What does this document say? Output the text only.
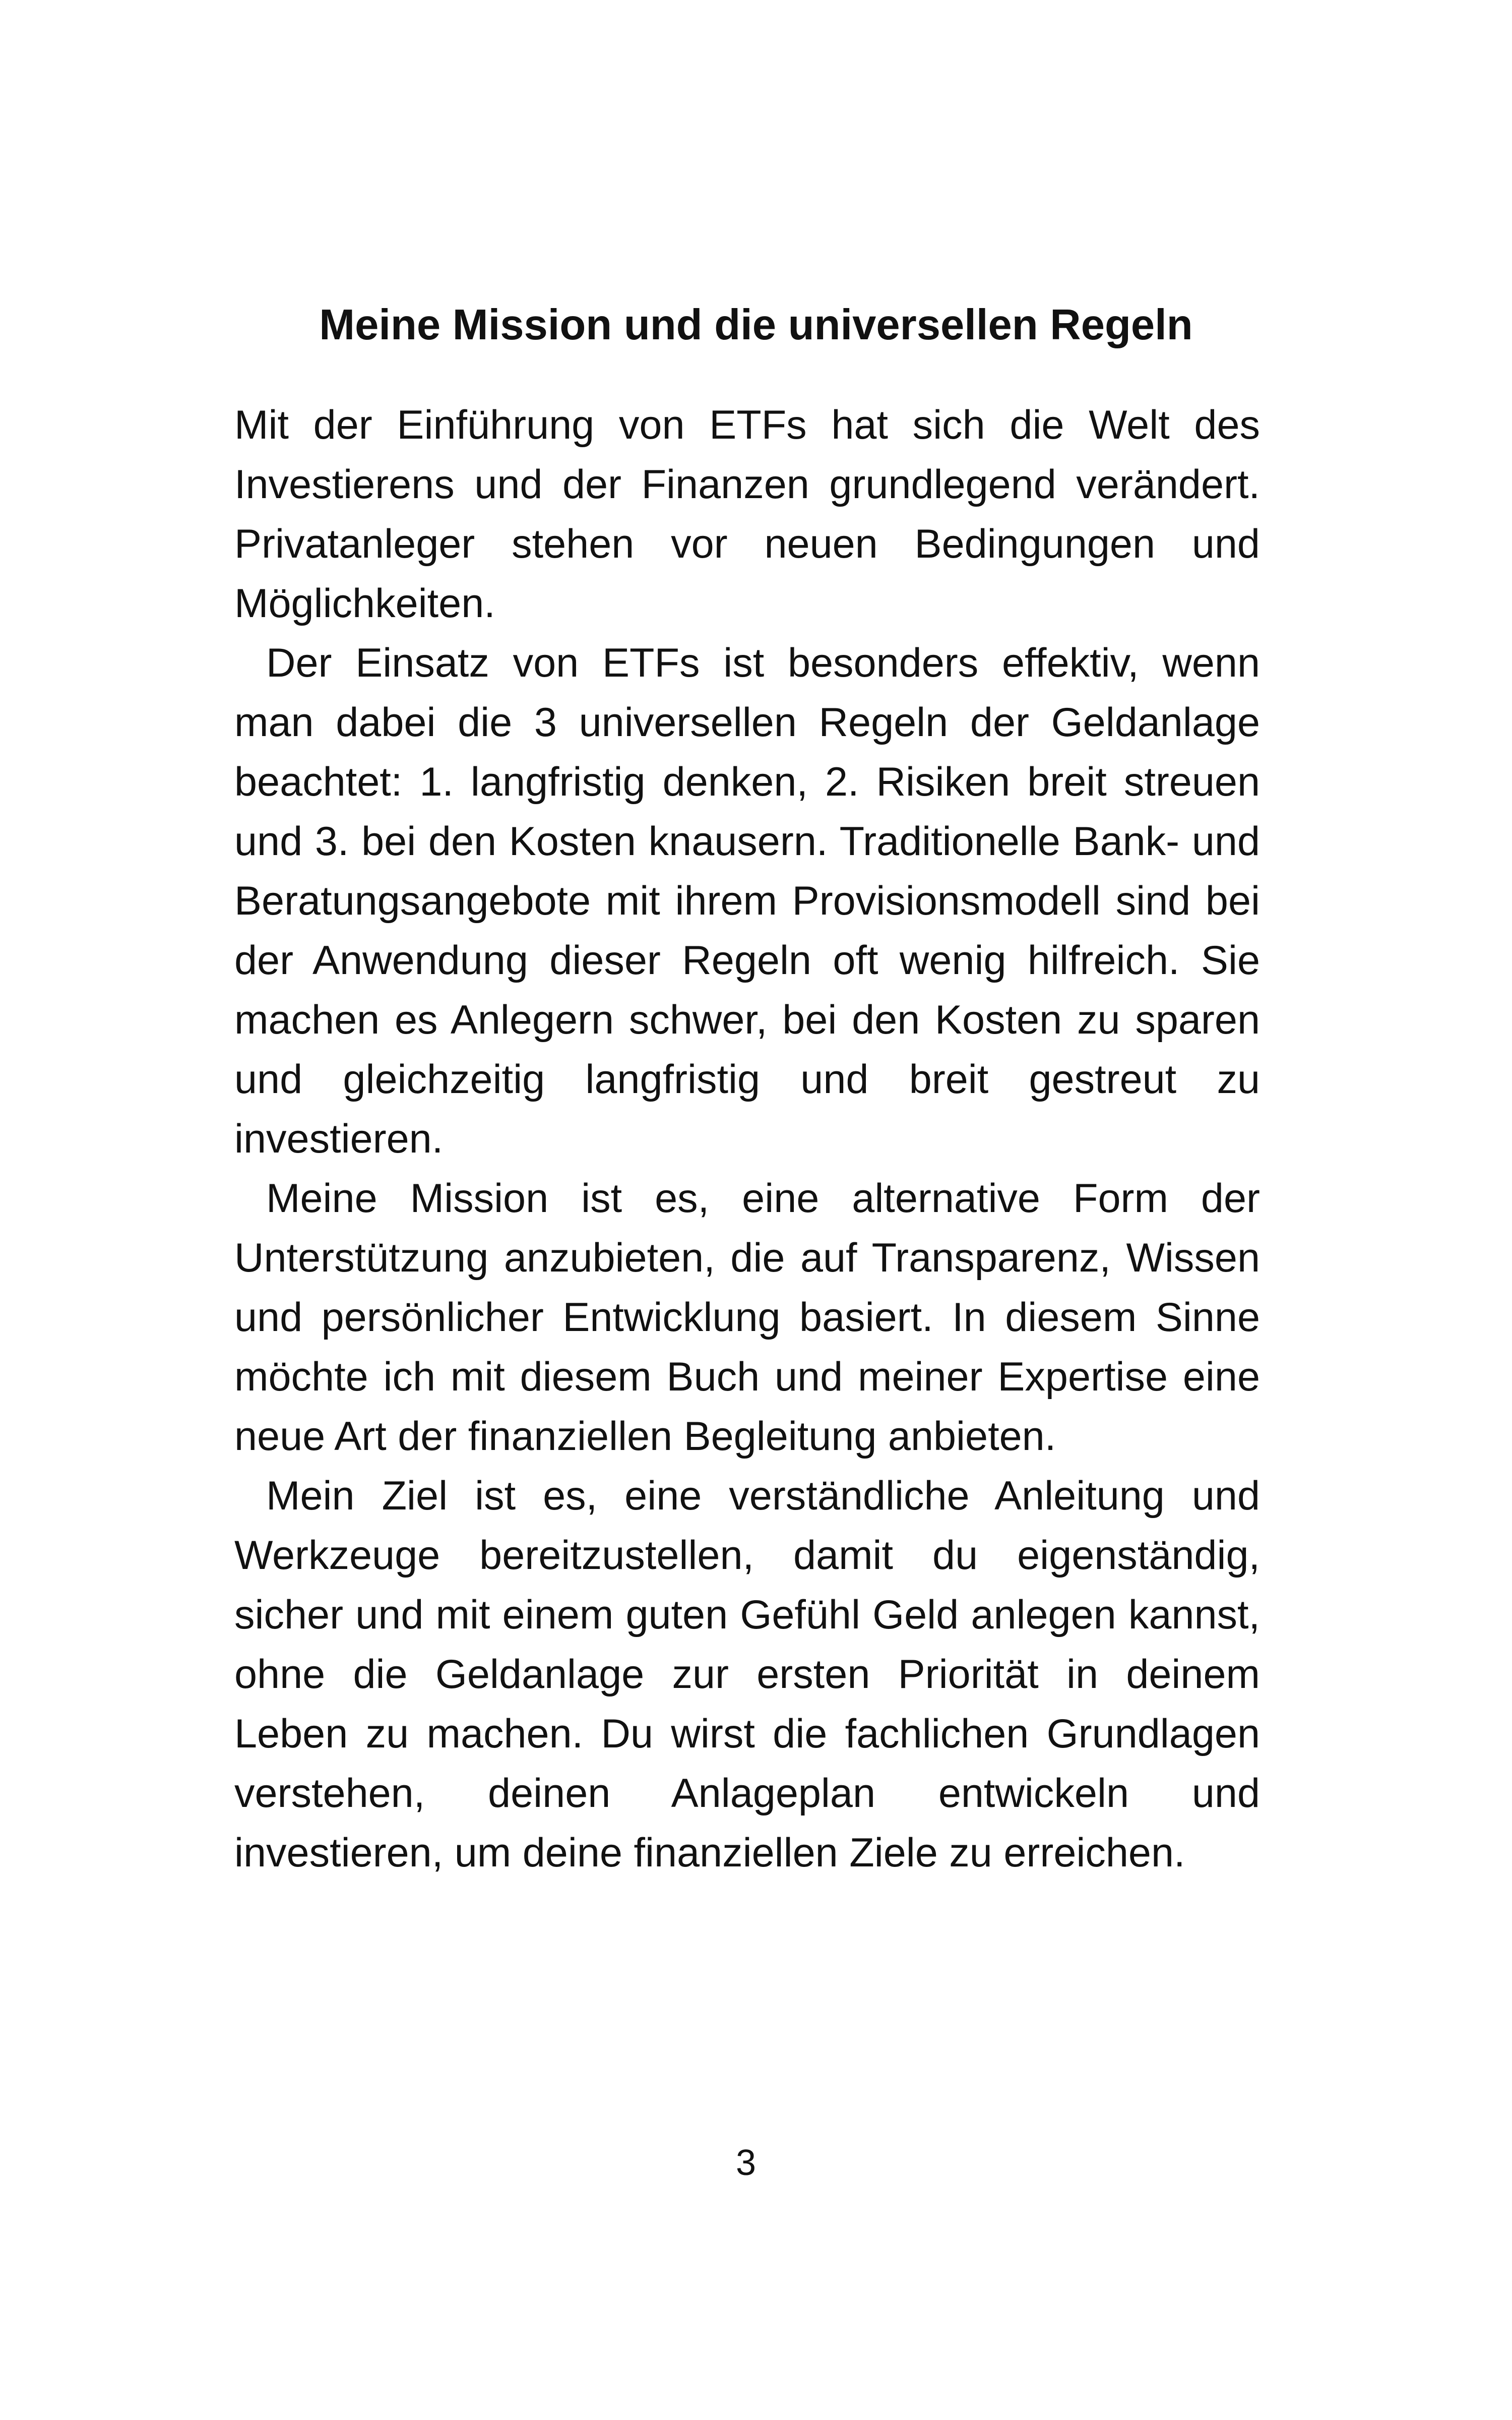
Meine Mission und die universellen Regeln

Mit der Einführung von ETFs hat sich die Welt des Investierens und der Finanzen grundlegend verändert. Privatanleger stehen vor neuen Bedingungen und Möglichkeiten.

Der Einsatz von ETFs ist besonders effektiv, wenn man dabei die 3 universellen Regeln der Geldanlage beachtet: 1. langfristig denken, 2. Risiken breit streuen und 3. bei den Kosten knausern. Traditionelle Bank- und Beratungsangebote mit ihrem Provisionsmodell sind bei der Anwendung dieser Regeln oft wenig hilfreich. Sie machen es Anlegern schwer, bei den Kosten zu sparen und gleichzeitig langfristig und breit gestreut zu investieren.

Meine Mission ist es, eine alternative Form der Unterstützung anzubieten, die auf Transparenz, Wissen und persönlicher Entwicklung basiert. In diesem Sinne möchte ich mit diesem Buch und meiner Expertise eine neue Art der finanziellen Begleitung anbieten.

Mein Ziel ist es, eine verständliche Anleitung und Werkzeuge bereitzustellen, damit du eigenständig, sicher und mit einem guten Gefühl Geld anlegen kannst, ohne die Geldanlage zur ersten Priorität in deinem Leben zu machen. Du wirst die fachlichen Grundlagen verstehen, deinen Anlageplan entwickeln und investieren, um deine finanziellen Ziele zu erreichen.

3
